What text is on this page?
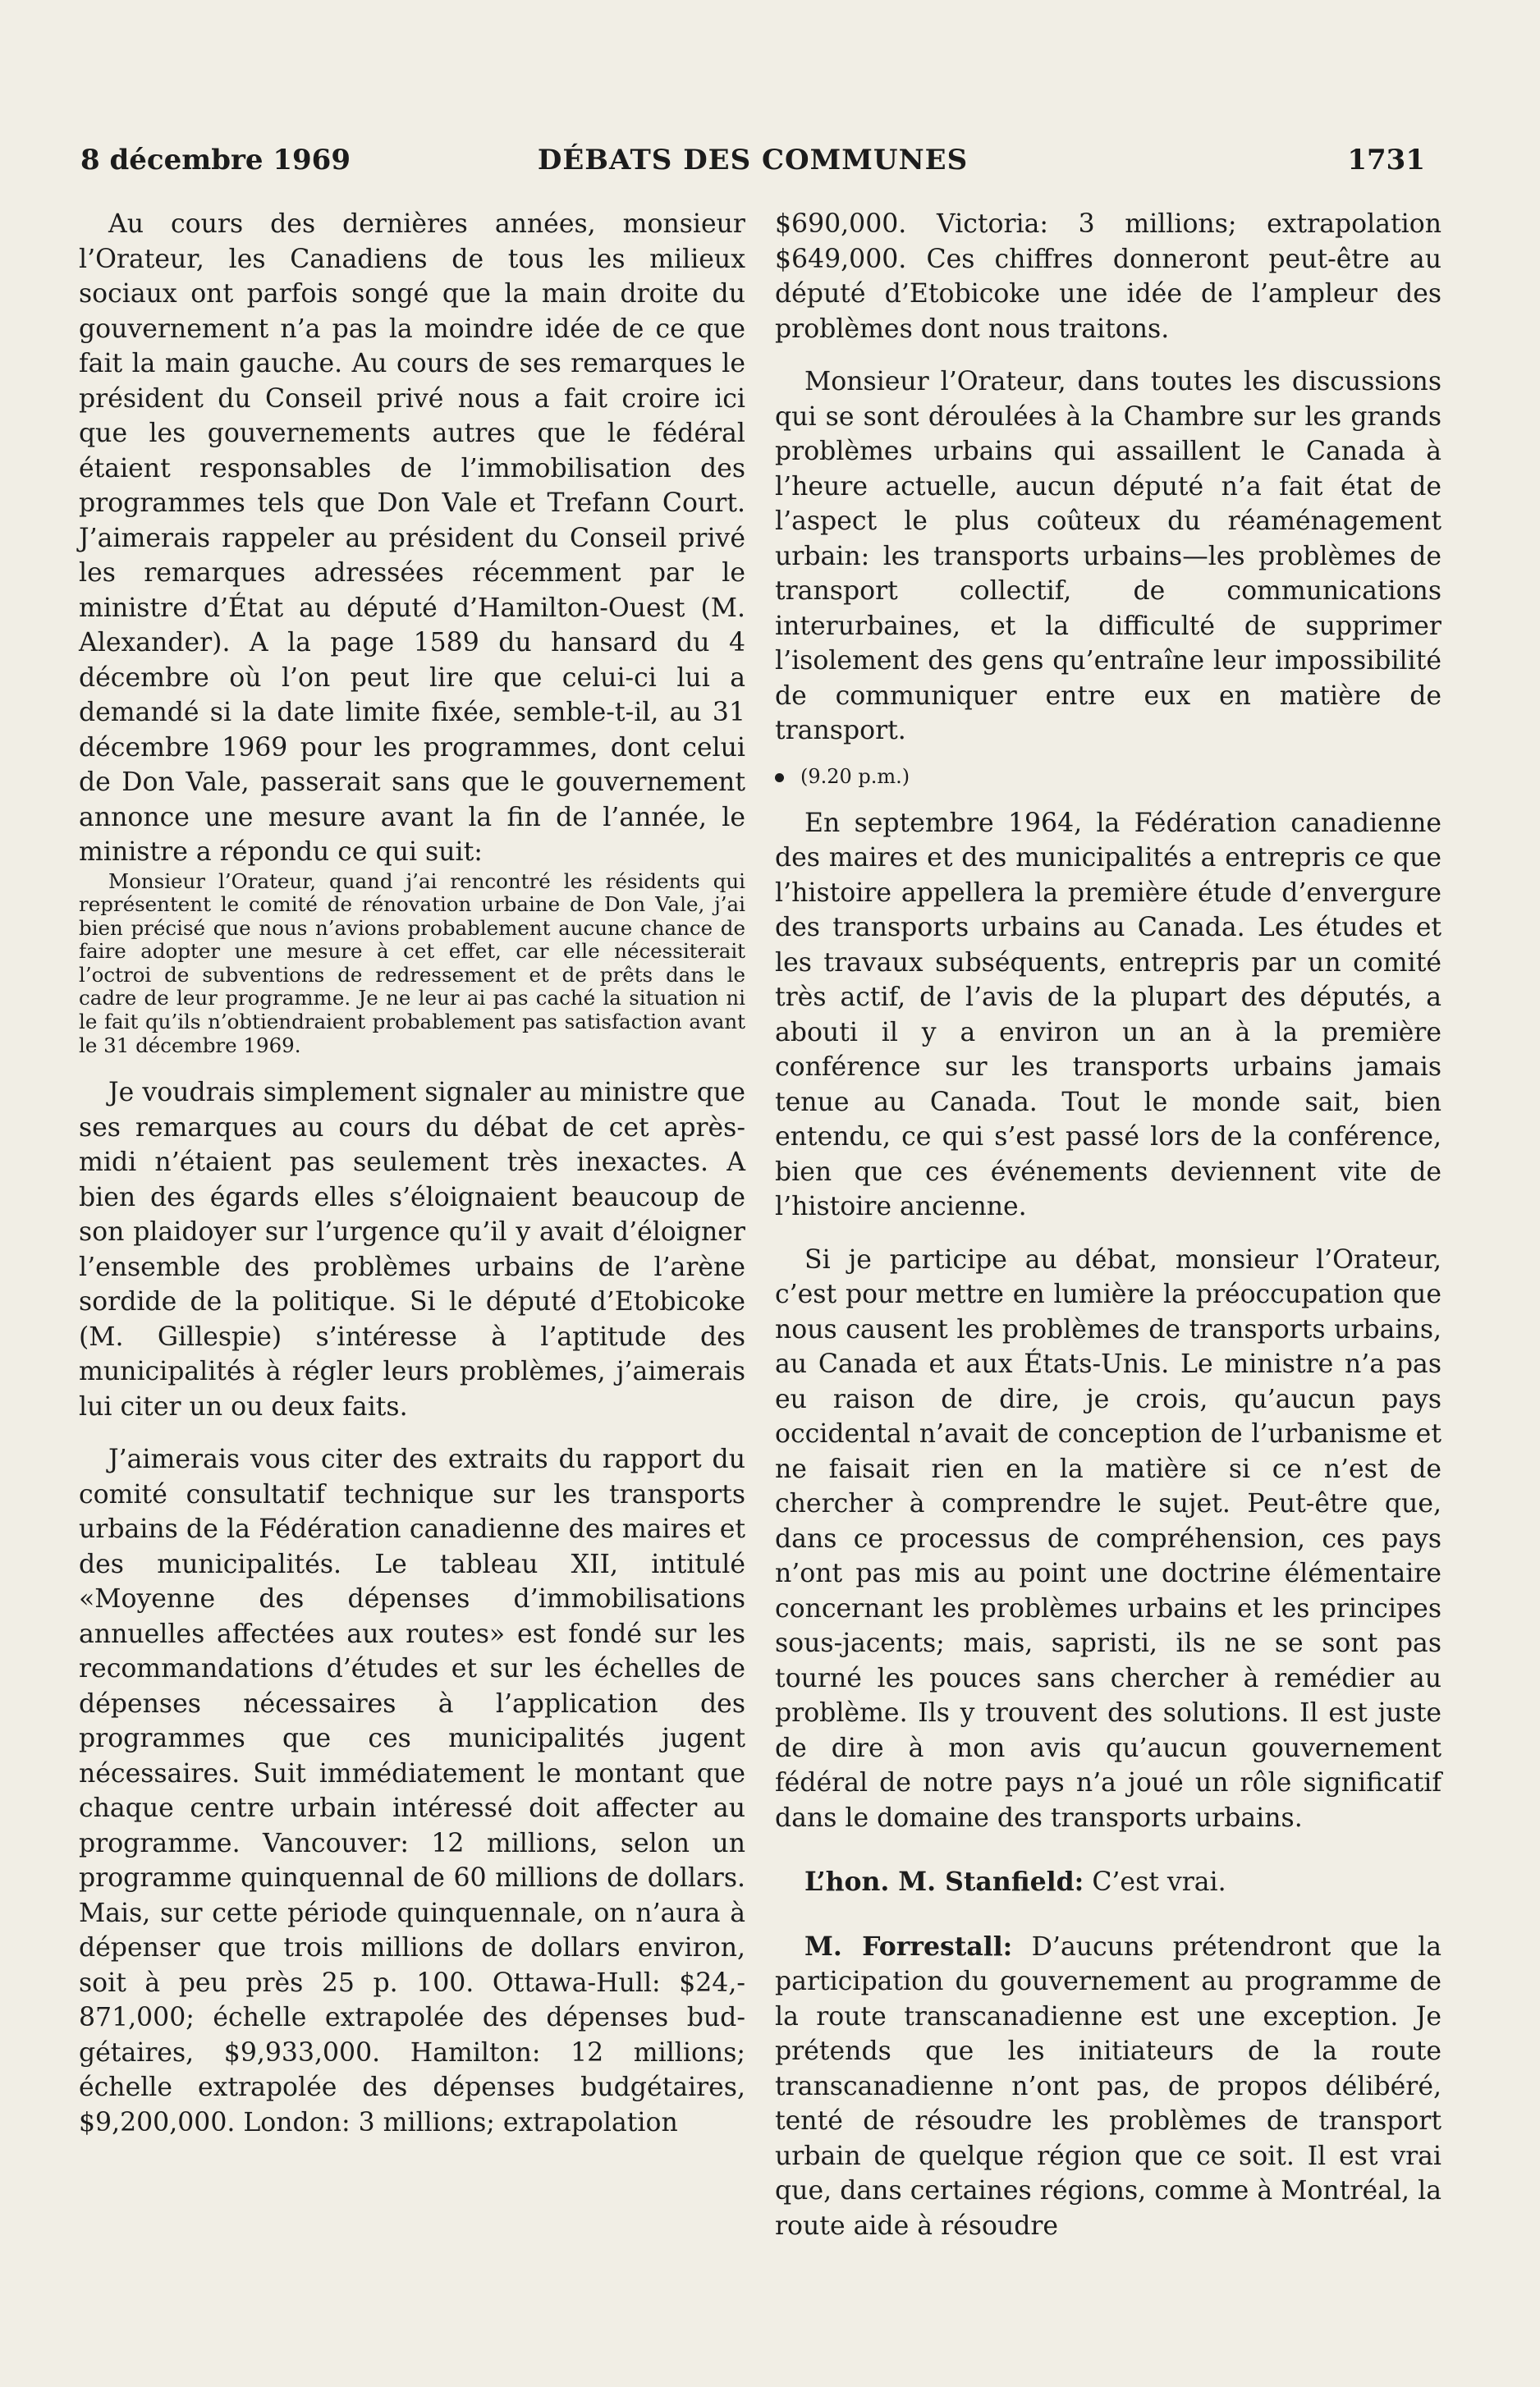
DÉBATS DES COMMUNES
8 décembre 1969	1731

Au cours des dernières années, monsieur l’Orateur, les Canadiens de tous les milieux sociaux ont parfois songé que la main droite du gouvernement n’a pas la moindre idée de ce que fait la main gauche. Au cours de ses remarques le président du Conseil privé nous a fait croire ici que les gouvernements autres que le fédéral étaient responsables de l’immobilisation des programmes tels que Don Vale et Trefann Court. J’aimerais rappeler au président du Conseil privé les remarques adressées récemment par le ministre d’État au député d’Hamilton-Ouest (M. Alexander). A la page 1589 du hansard du 4 décembre où l’on peut lire que celui-ci lui a demandé si la date limite fixée, semble-t-il, au 31 décembre 1969 pour les programmes, dont celui de Don Vale, passerait sans que le gouvernement annonce une mesure avant la fin de l’année, le ministre a répondu ce qui suit:

Monsieur l’Orateur, quand j’ai rencontré les résidents qui représentent le comité de rénovation urbaine de Don Vale, j’ai bien précisé que nous n’avions probablement aucune chance de faire adopter une mesure à cet effet, car elle nécessiterait l’octroi de subventions de redressement et de prêts dans le cadre de leur programme. Je ne leur ai pas caché la situation ni le fait qu’ils n’obtiendraient probablement pas satisfaction avant le 31 décembre 1969.

Je voudrais simplement signaler au ministre que ses remarques au cours du débat de cet après-midi n’étaient pas seulement très inexactes. A bien des égards elles s’éloignaient beaucoup de son plaidoyer sur l’urgence qu’il y avait d’éloigner l’ensemble des problèmes urbains de l’arène sordide de la politique. Si le député d’Etobicoke (M. Gillespie) s’intéresse à l’aptitude des municipalités à régler leurs problèmes, j’aimerais lui citer un ou deux faits.

J’aimerais vous citer des extraits du rapport du comité consultatif technique sur les transports urbains de la Fédération canadienne des maires et des municipalités. Le tableau XII, intitulé «Moyenne des dépenses d’immobilisations annuelles affectées aux routes» est fondé sur les recommandations d’études et sur les échelles de dépenses nécessaires à l’application des programmes que ces municipalités jugent nécessaires. Suit immédiatement le montant que chaque centre urbain intéressé doit affecter au programme. Vancouver: 12 millions, selon un programme quinquennal de 60 millions de dollars. Mais, sur cette période quinquennale, on n’aura à dépenser que trois millions de dollars environ, soit à peu près 25 p. 100. Ottawa-Hull: $24,871,000; échelle extrapolée des dépenses budgétaires, $9,933,000. Hamilton: 12 millions; échelle extrapolée des dépenses budgétaires, $9,200,000. London: 3 millions; extrapolation

$690,000. Victoria: 3 millions; extrapolation $649,000. Ces chiffres donneront peut-être au député d’Etobicoke une idée de l’ampleur des problèmes dont nous traitons.

Monsieur l’Orateur, dans toutes les discussions qui se sont déroulées à la Chambre sur les grands problèmes urbains qui assaillent le Canada à l’heure actuelle, aucun député n’a fait état de l’aspect le plus coûteux du réaménagement urbain: les transports urbains—les problèmes de transport collectif, de communications interurbaines, et la difficulté de supprimer l’isolement des gens qu’entraîne leur impossibilité de communiquer entre eux en matière de transport.

(9.20 p.m.)

En septembre 1964, la Fédération canadienne des maires et des municipalités a entrepris ce que l’histoire appellera la première étude d’envergure des transports urbains au Canada. Les études et les travaux subséquents, entrepris par un comité très actif, de l’avis de la plupart des députés, a abouti il y a environ un an à la première conférence sur les transports urbains jamais tenue au Canada. Tout le monde sait, bien entendu, ce qui s’est passé lors de la conférence, bien que ces événements deviennent vite de l’histoire ancienne.

Si je participe au débat, monsieur l’Orateur, c’est pour mettre en lumière la préoccupation que nous causent les problèmes de transports urbains, au Canada et aux États-Unis. Le ministre n’a pas eu raison de dire, je crois, qu’aucun pays occidental n’avait de conception de l’urbanisme et ne faisait rien en la matière si ce n’est de chercher à comprendre le sujet. Peut-être que, dans ce processus de compréhension, ces pays n’ont pas mis au point une doctrine élémentaire concernant les problèmes urbains et les principes sous-jacents; mais, sapristi, ils ne se sont pas tourné les pouces sans chercher à remédier au problème. Ils y trouvent des solutions. Il est juste de dire à mon avis qu’aucun gouvernement fédéral de notre pays n’a joué un rôle significatif dans le domaine des transports urbains.

L’hon. M. Stanfield: C’est vrai.

M. Forrestall: D’aucuns prétendront que la participation du gouvernement au programme de la route transcanadienne est une exception. Je prétends que les initiateurs de la route transcanadienne n’ont pas, de propos délibéré, tenté de résoudre les problèmes de transport urbain de quelque région que ce soit. Il est vrai que, dans certaines régions, comme à Montréal, la route aide à résoudre
